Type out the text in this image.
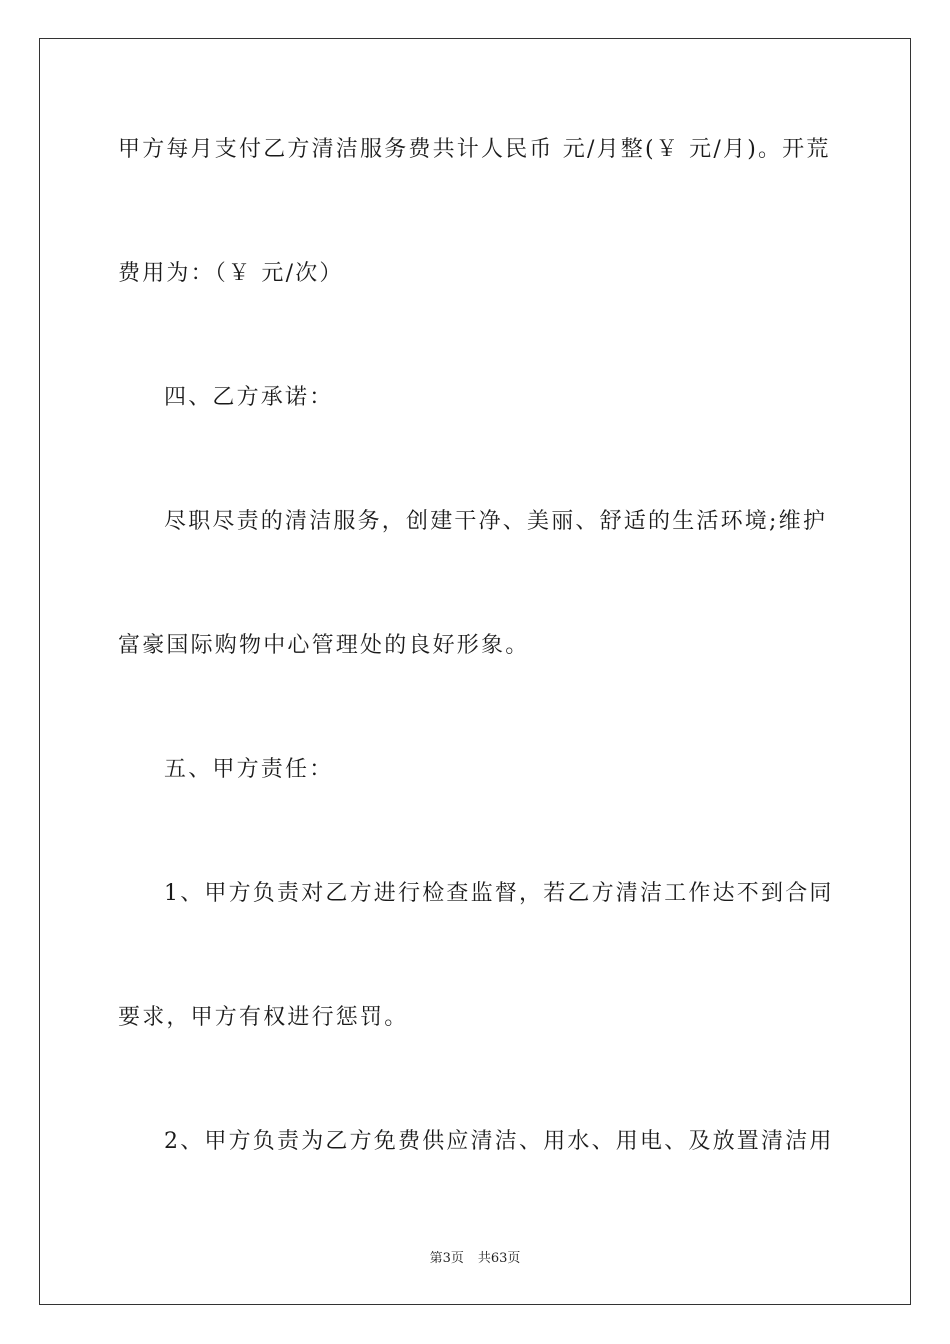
甲方每月支付乙方清洁服务费共计人民币 元/月整(￥ 元/月)。开荒
费用为：（￥ 元/次）
四、乙方承诺：
尽职尽责的清洁服务，创建干净、美丽、舒适的生活环境;维护
富豪国际购物中心管理处的良好形象。
五、甲方责任：
1、甲方负责对乙方进行检查监督，若乙方清洁工作达不到合同
要求，甲方有权进行惩罚。
2、甲方负责为乙方免费供应清洁、用水、用电、及放置清洁用
第3页 共63页
